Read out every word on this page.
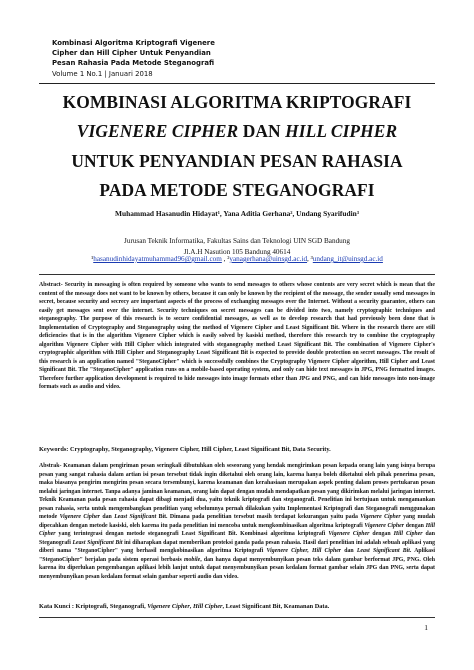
Kombinasi Algoritma Kriptografi Vigenere
Cipher dan Hill Cipher Untuk Penyandian
Pesan Rahasia Pada Metode Steganografi
Volume 1 No.1 | Januari 2018
KOMBINASI ALGORITMA KRIPTOGRAFI
VIGENERE CIPHER DAN HILL CIPHER
UNTUK PENYANDIAN PESAN RAHASIA
PADA METODE STEGANOGRAFI
Muhammad Hasanudin Hidayat¹, Yana Aditia Gerhana², Undang Syarifudin³
Jurusan Teknik Informatika, Fakultas Sains dan Teknologi UIN SGD Bandung
Jl.A.H Nasution 105 Bandung 40614
¹hasanudinhidayatmuhammad96@gmail.com , ²yanagerhana@uinsgd.ac.id, ³undang_it@uinsgd.ac.id

Abstract- Security in messaging is often required by someone who wants to send messages to others whose contents are very secret which is mean that the content of the message does not want to be known by others, because it can only be known by the recipient of the message, the sender usually send messages in secret, because security and secrecy are important aspects of the process of exchanging messages over the Internet. Without a security guarantee, others can easily get messages sent over the internet. Security techniques on secret messages can be divided into two, namely cryptographic techniques and steganography. The purpose of this research is to secure confidential messages, as well as to develop research that had previously been done that is Implementation of Cryptography and Steganography using the method of Vigenere Cipher and Least Significant Bit. Where in the research there are still deficiencies that is in the algorithm Vigenere Cipher which is easily solved by kasiski method, therefore this research try to combine the cryptography algorithm Vigenere Cipher with Hill Cipher which integrated with steganography method Least Significant Bit. The combination of Vigenere Cipher's cryptographic algorithm with Hill Cipher and Steganography Least Significant Bit is expected to provide double protection on secret messages. The result of this research is an application named "SteganoCipher" which is successfully combines the Cryptography Vigenere Cipher algorithm, Hill Cipher and Least Significant Bit. The "SteganoCipher" application runs on a mobile-based operating system, and only can hide text messages in JPG, PNG formatted images. Therefore further application development is required to hide messages into image formats other than JPG and PNG, and can hide messages into non-image formats such as audio and video.

Keywords: Cryptography, Steganography, Vigenere Cipher, Hill Cipher, Least Significant Bit, Data Security.

Abstrak- Keamanan dalam pengiriman pesan seringkali dibutuhkan oleh seseorang yang hendak mengirimkan pesan kepada orang lain yang isinya berupa pesan yang sangat rahasia dalam artian isi pesan tersebut tidak ingin diketahui oleh orang lain, karena hanya boleh diketahui oleh pihak penerima pesan, maka biasanya pengirim mengirim pesan secara tersembunyi, karena keamanan dan kerahasiaan merupakan aspek penting dalam proses pertukaran pesan melalui jaringan internet. Tanpa adanya jaminan keamanan, orang lain dapat dengan mudah mendapatkan pesan yang dikirimkan melalui jaringan internet. Teknik Keamanan pada pesan rahasia dapat dibagi menjadi dua, yaitu teknik kriptografi dan steganografi. Penelitian ini bertujuan untuk mengamankan pesan rahasia, serta untuk mengembangkan penelitian yang sebelumnya pernah dilakukan yaitu Implementasi Kriptografi dan Steganografi menggunakan metode Vigenere Cipher dan Least Significant Bit. Dimana pada penelitian tersebut masih terdapat kekurangan yaitu pada Vigenere Cipher yang mudah dipecahkan dengan metode kasiski, oleh karena itu pada penelitian ini mencoba untuk mengkombinasikan algoritma kriptografi Vigenere Cipher dengan Hill Cipher yang terintegrasi dengan metode steganografi Least Significant Bit. Kombinasi algoritma kriptografi Vigenere Cipher dengan Hill Cipher dan Steganografi Least Significant Bit ini diharapkan dapat memberikan proteksi ganda pada pesan rahasia. Hasil dari penelitian ini adalah sebuah aplikasi yang diberi nama "SteganoCipher" yang berhasil mengkobinasikan algoritma Kriptografi Vigenere Cipher, Hill Cipher dan Least Significant Bit. Aplikasi "SteganoCipher" berjalan pada sistem operasi berbasis mobile, dan hanya dapat menyembunyikan pesan teks dalam gambar berformat JPG, PNG. Oleh karena itu diperlukan pengembangan aplikasi lebih lanjut untuk dapat menyembunyikan pesan kedalam format gambar selain JPG dan PNG, serta dapat menyembunyikan pesan kedalam format selain gambar seperti audio dan video.

Kata Kunci : Kriptografi, Steganografi, Vigenere Cipher, Hill Cipher, Least Significant Bit, Keamanan Data.

1
